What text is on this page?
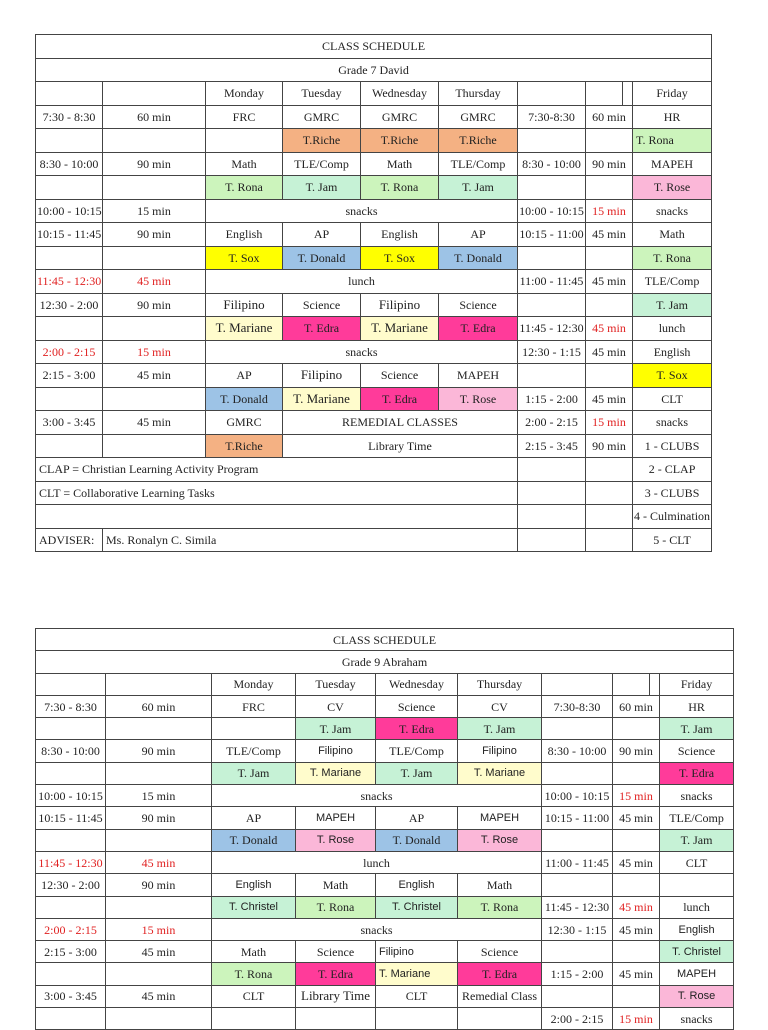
CLASS SCHEDULE									
Grade 7 David									
		Monday	Tuesday	Wednesday	Thursday				Friday
7:30 - 8:30	60 min	FRC	GMRC	GMRC	GMRC	7:30-8:30	60 min		HR
			T.Riche	T.Riche	T.Riche				T. Rona
8:30 - 10:00	90 min	Math	TLE/Comp	Math	TLE/Comp	8:30 - 10:00	90 min		MAPEH
		T. Rona	T. Jam	T. Rona	T. Jam				T. Rose
10:00 - 10:15	15 min	snacks				10:00 - 10:15	15 min		snacks
10:15 - 11:45	90 min	English	AP	English	AP	10:15 - 11:00	45 min		Math
		T. Sox	T. Donald	T. Sox	T. Donald				T. Rona
11:45 - 12:30	45 min	lunch				11:00 - 11:45	45 min		TLE/Comp
12:30 - 2:00	90 min	Filipino	Science	Filipino	Science				T. Jam
		T. Mariane	T. Edra	T. Mariane	T. Edra	11:45 - 12:30	45 min		lunch
2:00 - 2:15	15 min	snacks				12:30 - 1:15	45 min		English
2:15 - 3:00	45 min	AP	Filipino	Science	MAPEH				T. Sox
		T. Donald	T. Mariane	T. Edra	T. Rose	1:15 - 2:00	45 min		CLT
3:00 - 3:45	45 min	GMRC	REMEDIAL CLASSES			2:00 - 2:15	15 min		snacks
		T.Riche	Library Time			2:15 - 3:45	90 min		1 - CLUBS
CLAP = Christian Learning Activity Program									2 - CLAP
CLT = Collaborative Learning Tasks									3 - CLUBS
									4 - Culmination
ADVISER:	Ms. Ronalyn C. Simila								5 - CLT
CLASS SCHEDULE									
Grade 9 Abraham									
		Monday	Tuesday	Wednesday	Thursday				Friday
7:30 - 8:30	60 min	FRC	CV	Science	CV	7:30-8:30	60 min		HR
			T. Jam	T. Edra	T. Jam				T. Jam
8:30 - 10:00	90 min	TLE/Comp	Filipino	TLE/Comp	Filipino	8:30 - 10:00	90 min		Science
		T. Jam	T. Mariane	T. Jam	T. Mariane				T. Edra
10:00 - 10:15	15 min	snacks				10:00 - 10:15	15 min		snacks
10:15 - 11:45	90 min	AP	MAPEH	AP	MAPEH	10:15 - 11:00	45 min		TLE/Comp
		T. Donald	T. Rose	T. Donald	T. Rose				T. Jam
11:45 - 12:30	45 min	lunch				11:00 - 11:45	45 min		CLT
12:30 - 2:00	90 min	English	Math	English	Math				
		T. Christel	T. Rona	T. Christel	T. Rona	11:45 - 12:30	45 min		lunch
2:00 - 2:15	15 min	snacks				12:30 - 1:15	45 min		English
2:15 - 3:00	45 min	Math	Science	Filipino	Science				T. Christel
		T. Rona	T. Edra	T. Mariane	T. Edra	1:15 - 2:00	45 min		MAPEH
3:00 - 3:45	45 min	CLT	Library Time	CLT	Remedial Class				T. Rose
						2:00 - 2:15	15 min		snacks
